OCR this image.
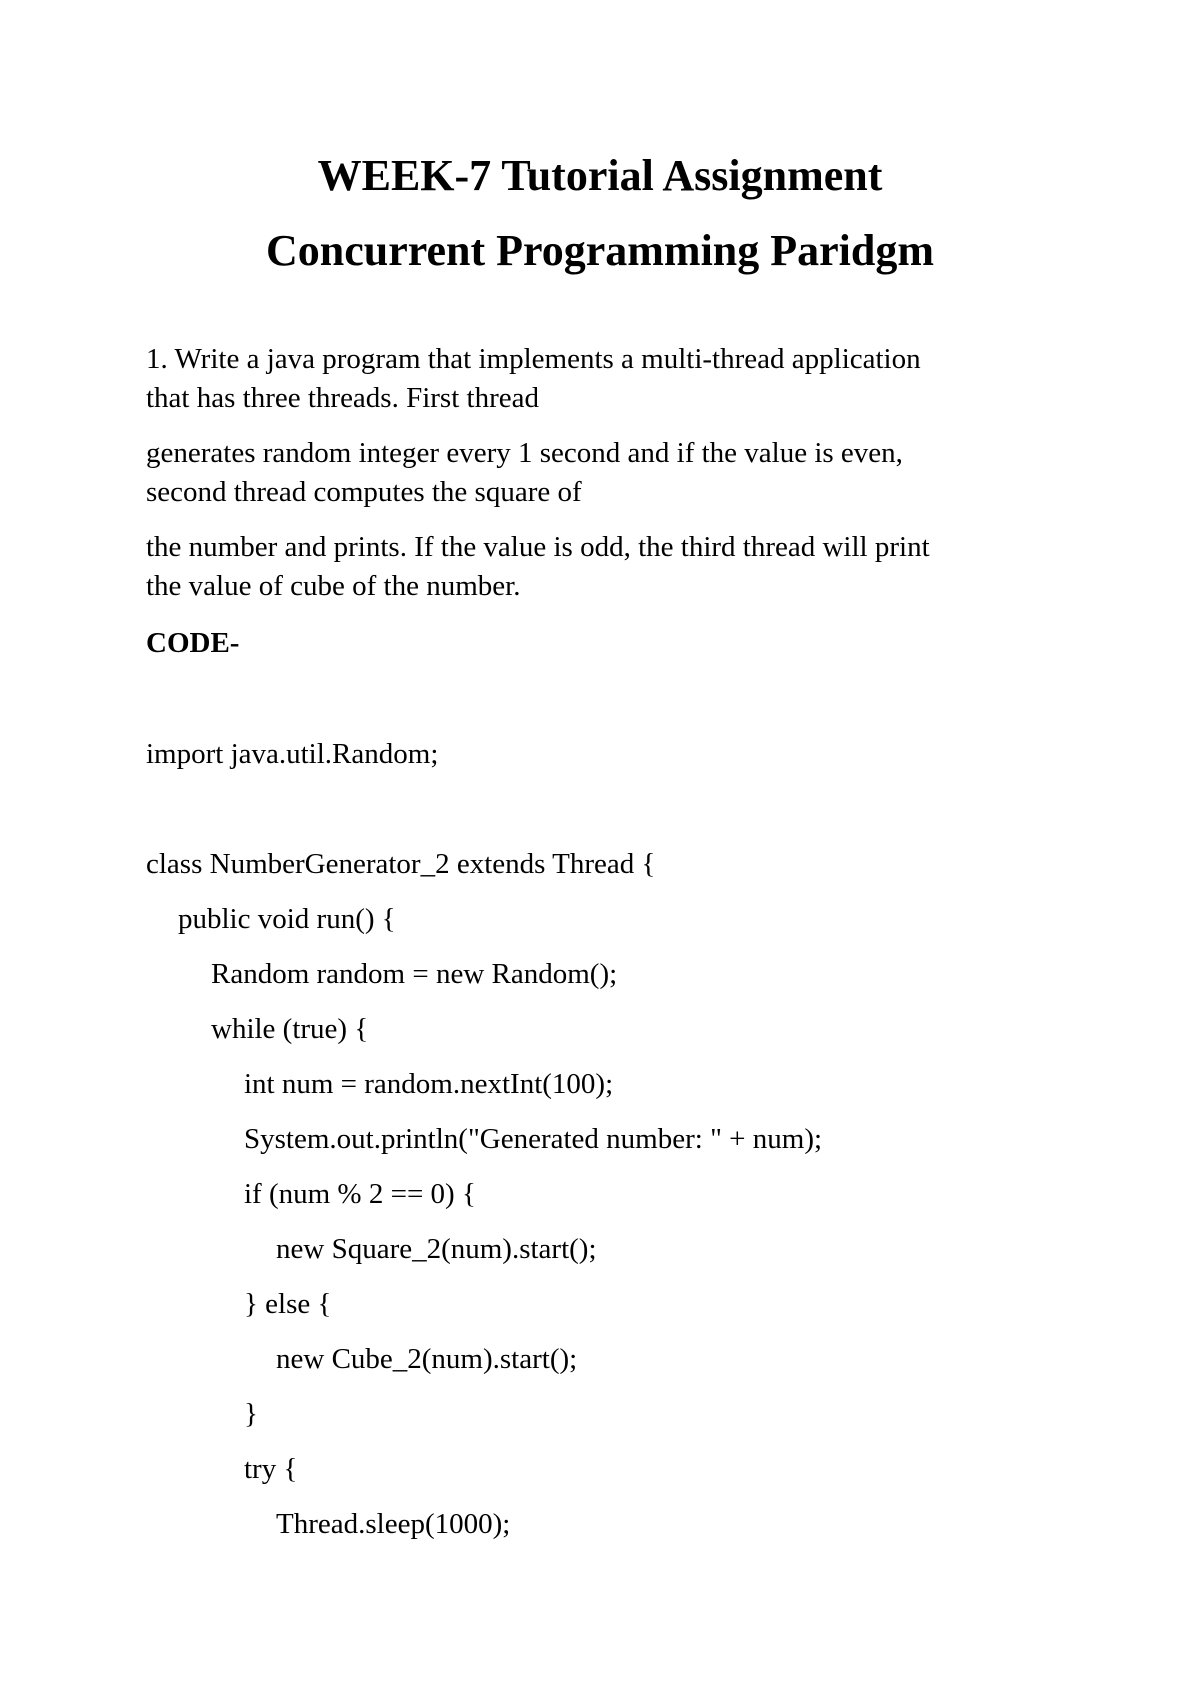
WEEK-7 Tutorial Assignment
Concurrent Programming Paridgm
1. Write a java program that implements a multi-thread application
that has three threads. First thread
generates random integer every 1 second and if the value is even,
second thread computes the square of
the number and prints. If the value is odd, the third thread will print
the value of cube of the number.
CODE-
import java.util.Random;
class NumberGenerator_2 extends Thread {
public void run() {
Random random = new Random();
while (true) {
int num = random.nextInt(100);
System.out.println("Generated number: " + num);
if (num % 2 == 0) {
new Square_2(num).start();
} else {
new Cube_2(num).start();
}
try {
Thread.sleep(1000);
